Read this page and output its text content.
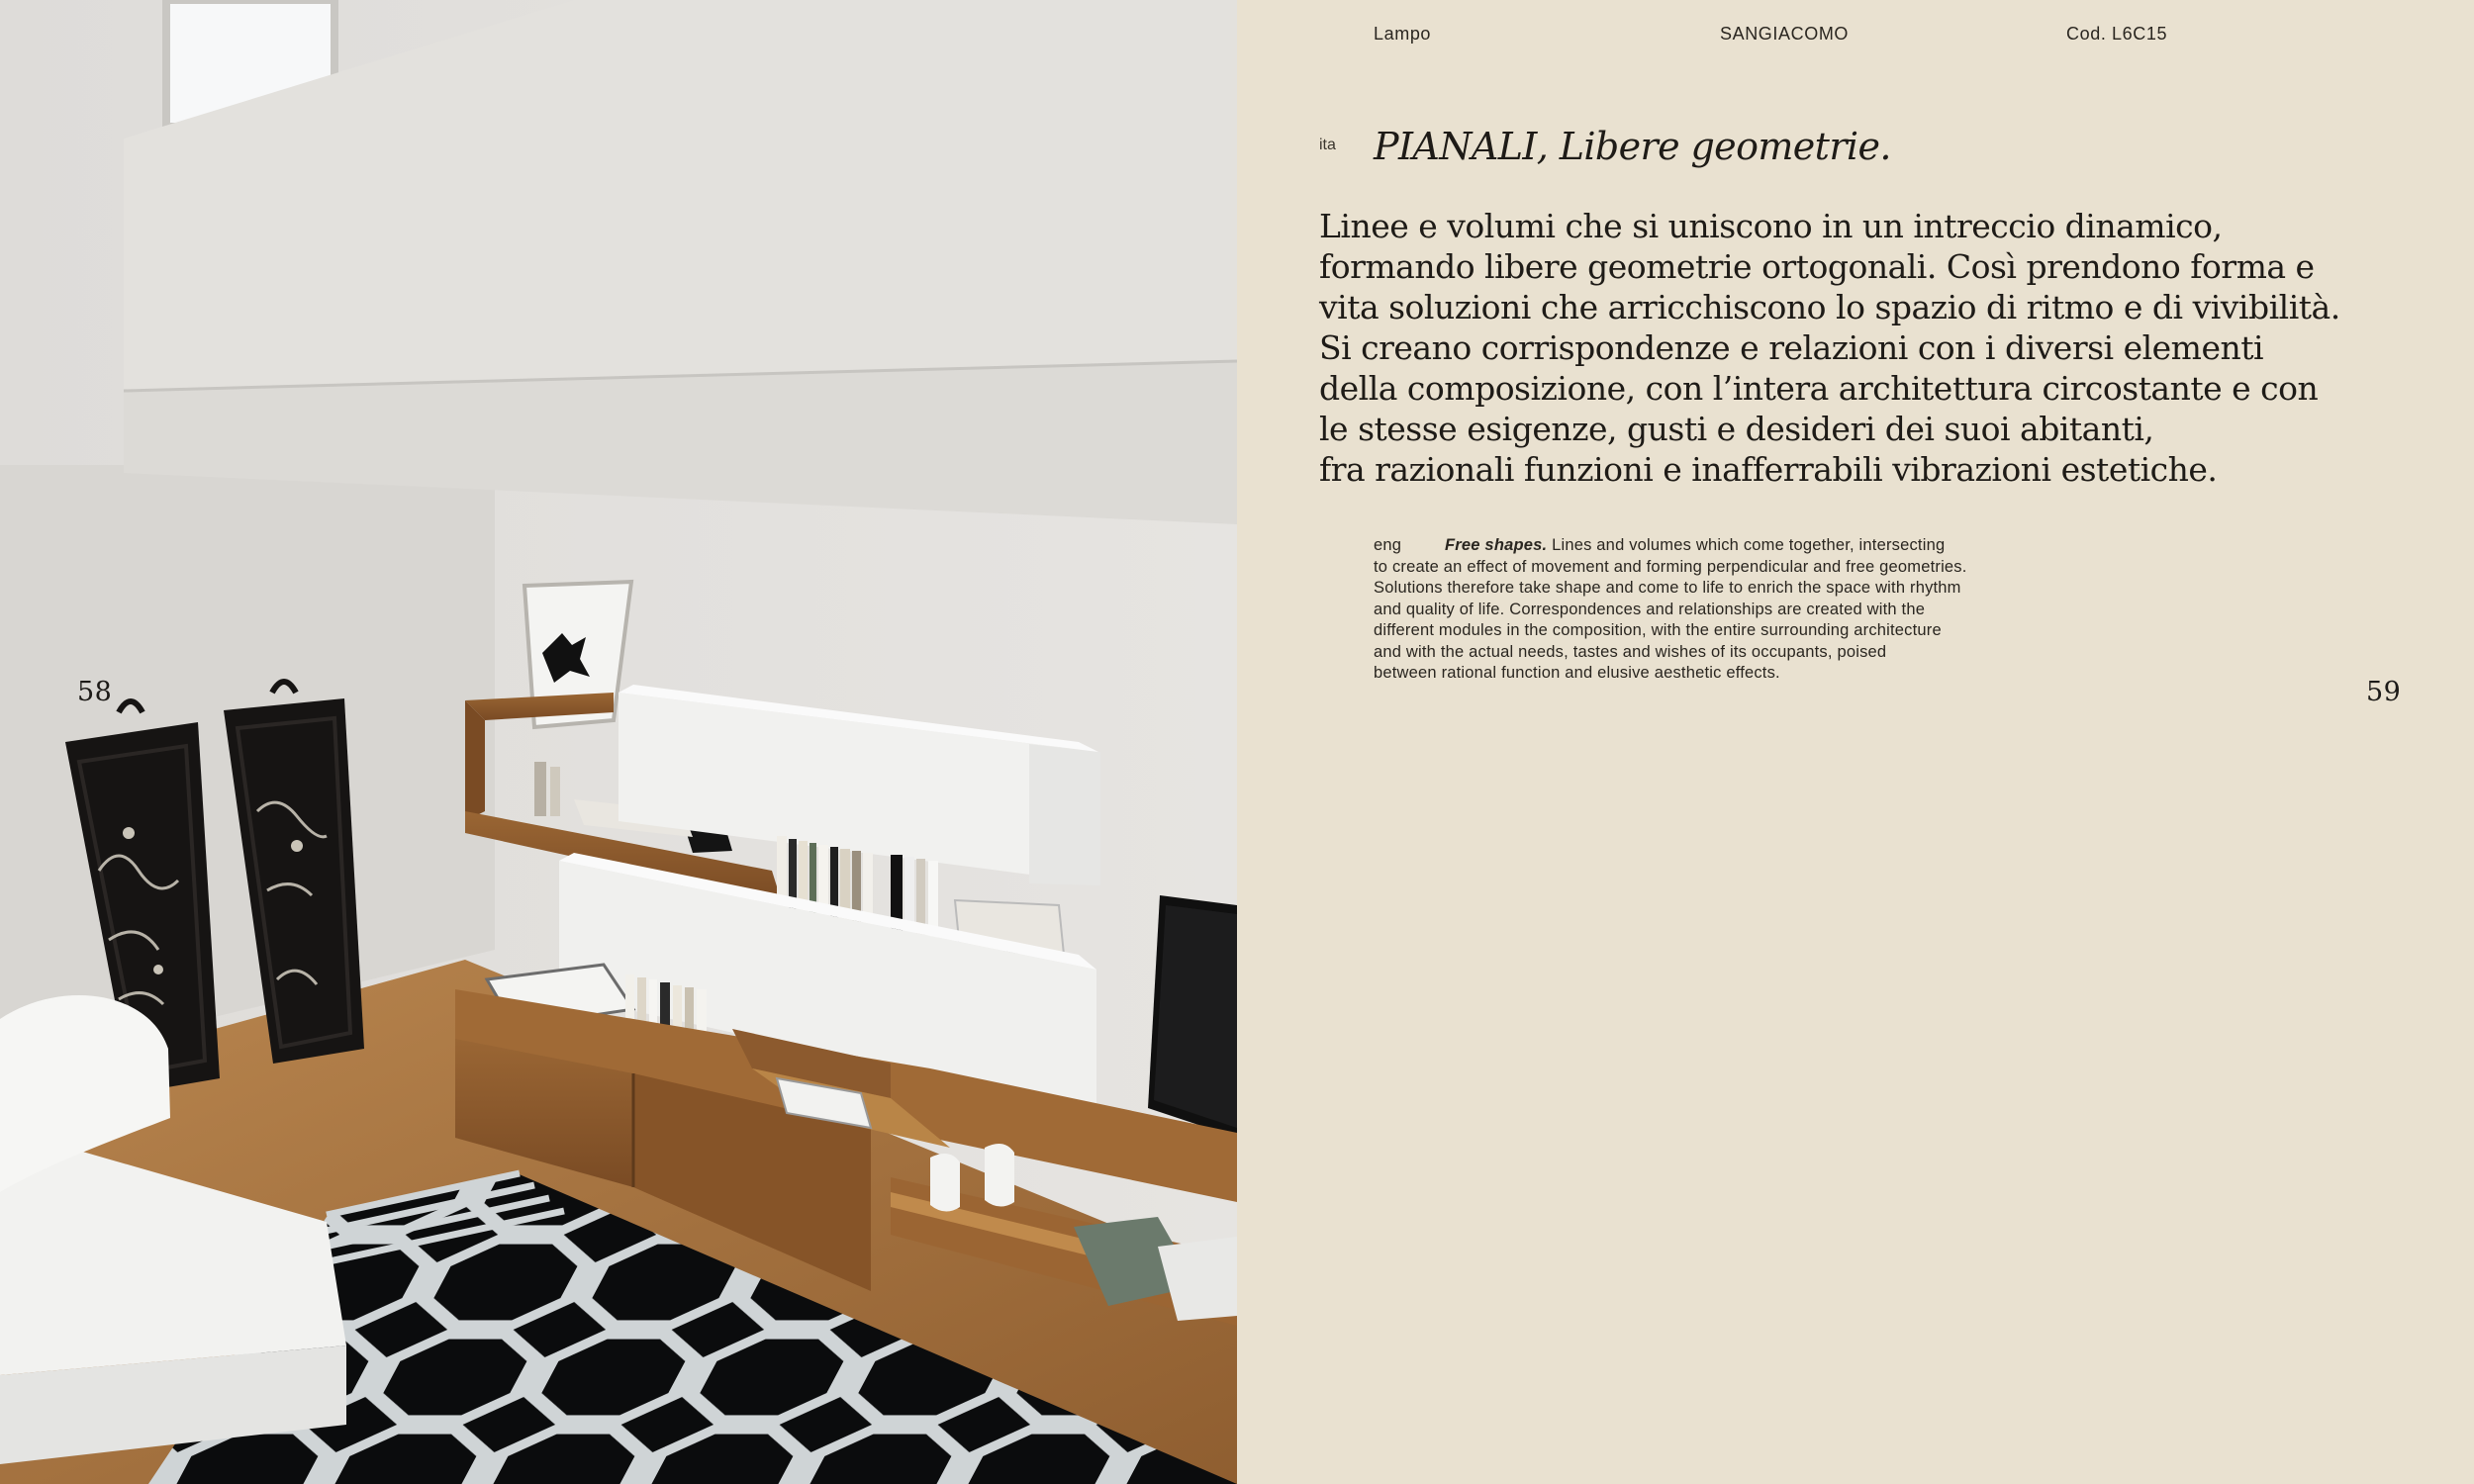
58
Lampo	SANGIACOMO	Cod. L6C15
ita PIANALI, Libere geometrie.
Linee e volumi che si uniscono in un intreccio dinamico,
formando libere geometrie ortogonali. Così prendono forma e
vita soluzioni che arricchiscono lo spazio di ritmo e di vivibilità.
Si creano corrispondenze e relazioni con i diversi elementi
della composizione, con l’intera architettura circostante e con
le stesse esigenze, gusti e desideri dei suoi abitanti,
fra razionali funzioni e inafferrabili vibrazioni estetiche.
eng	Free shapes. Lines and volumes which come together, intersecting
to create an effect of movement and forming perpendicular and free geometries.
Solutions therefore take shape and come to life to enrich the space with rhythm
and quality of life. Correspondences and relationships are created with the
different modules in the composition, with the entire surrounding architecture
and with the actual needs, tastes and wishes of its occupants, poised
between rational function and elusive aesthetic effects.
59
